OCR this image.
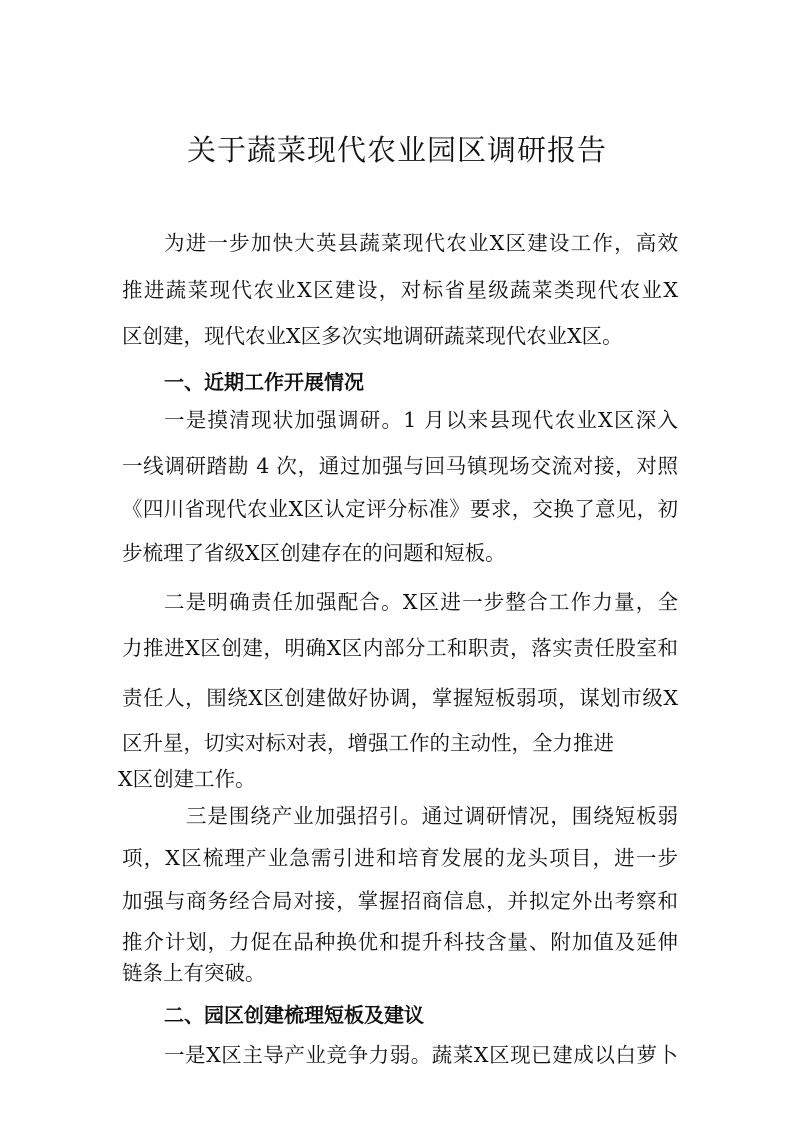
关于蔬菜现代农业园区调研报告

为进一步加快大英县蔬菜现代农业X区建设工作，高效

推进蔬菜现代农业X区建设，对标省星级蔬菜类现代农业X

区创建，现代农业X区多次实地调研蔬菜现代农业X区。

一、近期工作开展情况

一是摸清现状加强调研。1 月以来县现代农业X区深入

一线调研踏勘 4 次，通过加强与回马镇现场交流对接，对照

《四川省现代农业X区认定评分标准》要求，交换了意见，初

步梳理了省级X区创建存在的问题和短板。

二是明确责任加强配合。X区进一步整合工作力量，全

力推进X区创建，明确X区内部分工和职责，落实责任股室和

责任人，围绕X区创建做好协调，掌握短板弱项，谋划市级X

区升星，切实对标对表，增强工作的主动性，全力推进

X区创建工作。

三是围绕产业加强招引。通过调研情况，围绕短板弱

项，X区梳理产业急需引进和培育发展的龙头项目，进一步

加强与商务经合局对接，掌握招商信息，并拟定外出考察和

推介计划，力促在品种换优和提升科技含量、附加值及延伸

链条上有突破。

二、园区创建梳理短板及建议

一是X区主导产业竞争力弱。蔬菜X区现已建成以白萝卜
